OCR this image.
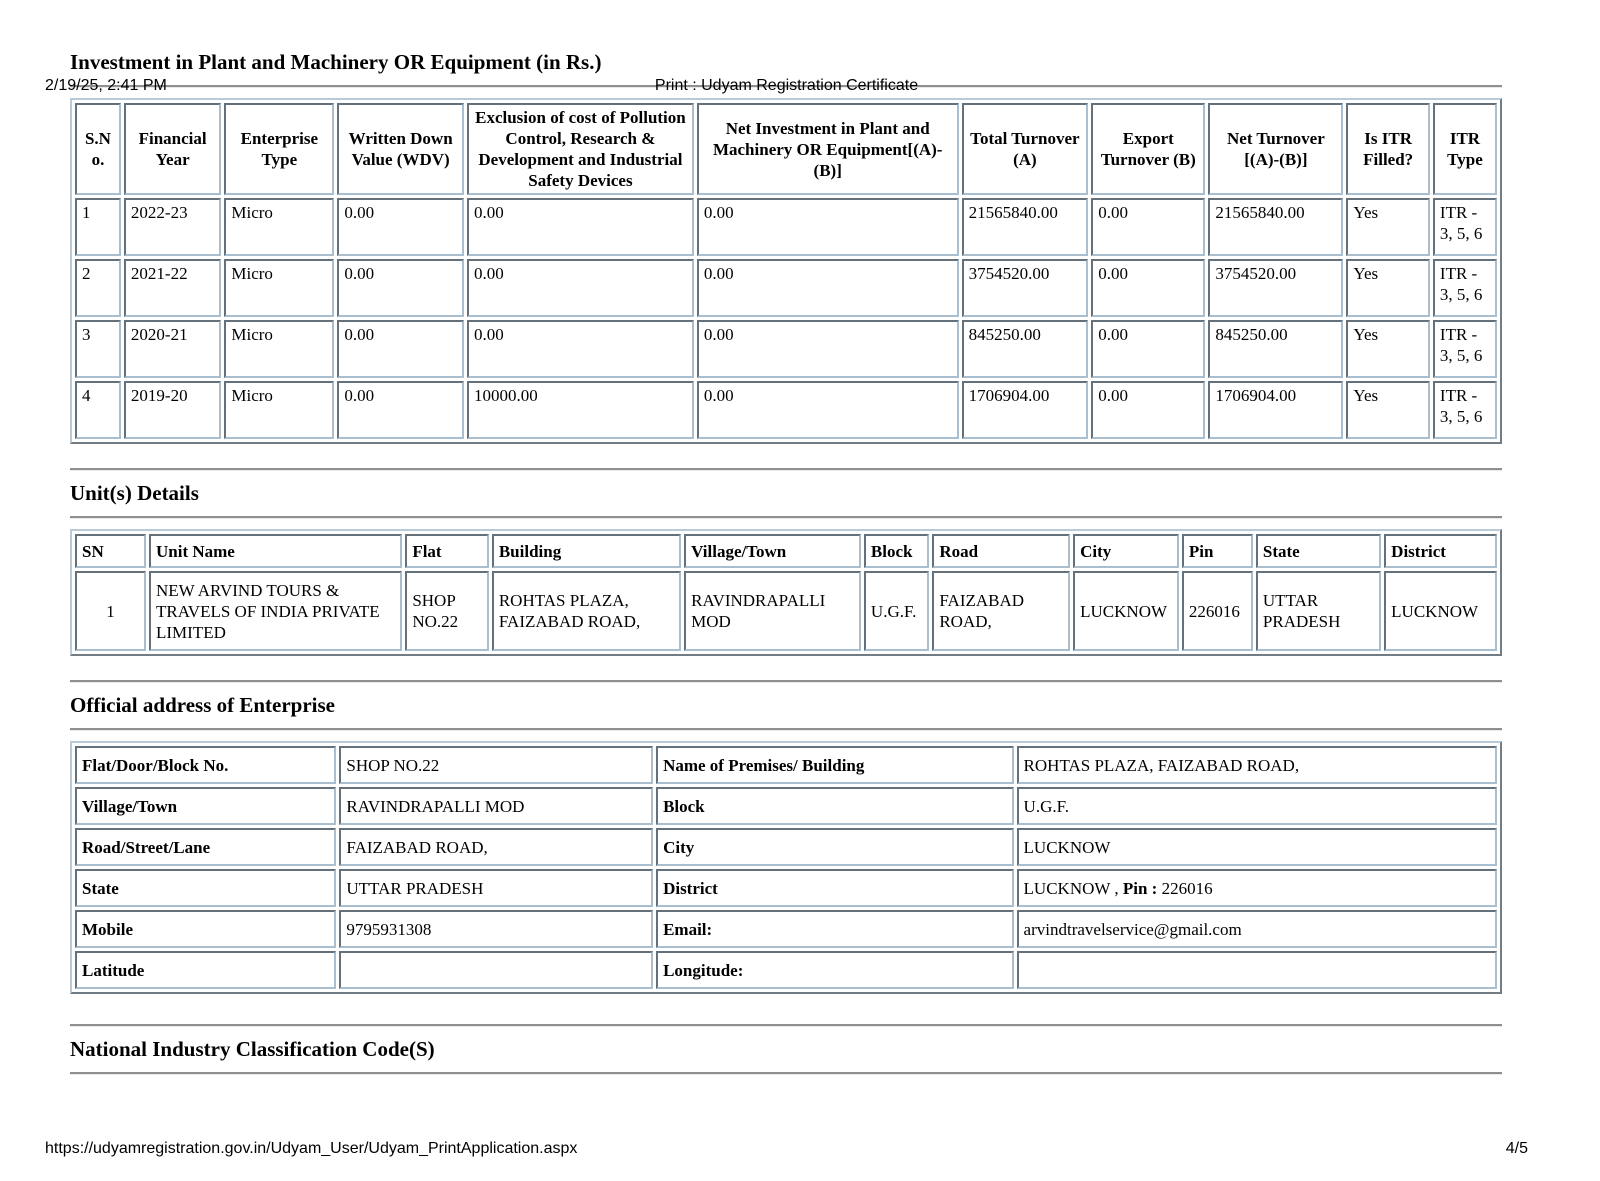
2/19/25, 2:41 PM	Print : Udyam Registration Certificate
Investment in Plant and Machinery OR Equipment (in Rs.)
S.No.	Financial Year	Enterprise Type	Written Down Value (WDV)	Exclusion of cost of Pollution Control, Research & Development and Industrial Safety Devices	Net Investment in Plant and Machinery OR Equipment[(A)-(B)]	Total Turnover (A)	Export Turnover (B)	Net Turnover [(A)-(B)]	Is ITR Filled?	ITR Type
1	2022-23	Micro	0.00	0.00	0.00	21565840.00	0.00	21565840.00	Yes	ITR - 3, 5, 6
2	2021-22	Micro	0.00	0.00	0.00	3754520.00	0.00	3754520.00	Yes	ITR - 3, 5, 6
3	2020-21	Micro	0.00	0.00	0.00	845250.00	0.00	845250.00	Yes	ITR - 3, 5, 6
4	2019-20	Micro	0.00	10000.00	0.00	1706904.00	0.00	1706904.00	Yes	ITR - 3, 5, 6
Unit(s) Details
SN	Unit Name	Flat	Building	Village/Town	Block	Road	City	Pin	State	District
1	NEW ARVIND TOURS & TRAVELS OF INDIA PRIVATE LIMITED	SHOP NO.22	ROHTAS PLAZA, FAIZABAD ROAD,	RAVINDRAPALLI MOD	U.G.F.	FAIZABAD ROAD,	LUCKNOW	226016	UTTAR PRADESH	LUCKNOW
Official address of Enterprise
Flat/Door/Block No.	SHOP NO.22	Name of Premises/ Building	ROHTAS PLAZA, FAIZABAD ROAD,
Village/Town	RAVINDRAPALLI MOD	Block	U.G.F.
Road/Street/Lane	FAIZABAD ROAD,	City	LUCKNOW
State	UTTAR PRADESH	District	LUCKNOW , Pin : 226016
Mobile	9795931308	Email:	arvindtravelservice@gmail.com
Latitude		Longitude:	
National Industry Classification Code(S)
https://udyamregistration.gov.in/Udyam_User/Udyam_PrintApplication.aspx	4/5
